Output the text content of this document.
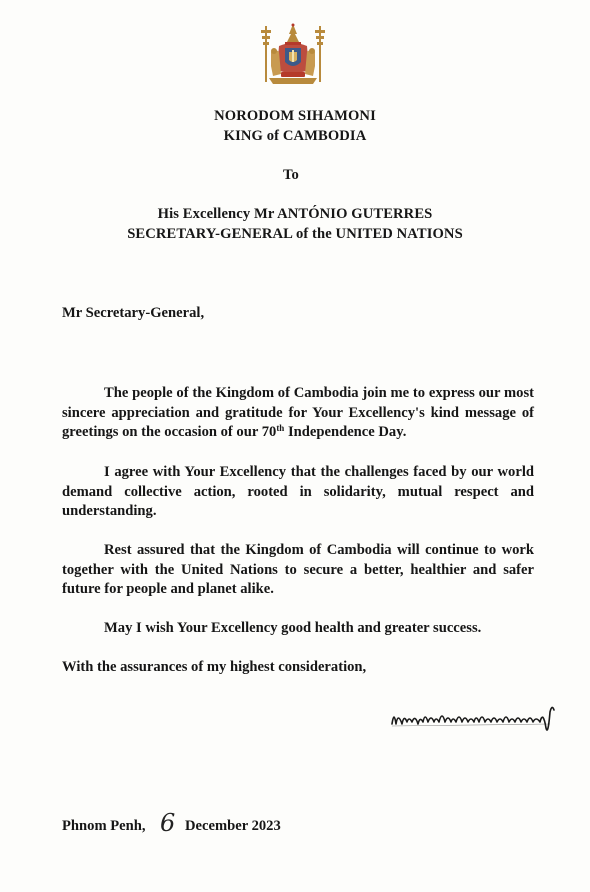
NORODOM SIHAMONI
KING of CAMBODIA
To
His Excellency Mr ANTÓNIO GUTERRES
SECRETARY-GENERAL of the UNITED NATIONS
Mr Secretary-General,
The people of the Kingdom of Cambodia join me to express our most sincere appreciation and gratitude for Your Excellency's kind message of greetings on the occasion of our 70th Independence Day.
I agree with Your Excellency that the challenges faced by our world demand collective action, rooted in solidarity, mutual respect and understanding.
Rest assured that the Kingdom of Cambodia will continue to work together with the United Nations to secure a better, healthier and safer future for people and planet alike.
May I wish Your Excellency good health and greater success.
With the assurances of my highest consideration,
Phnom Penh, 6 December 2023
